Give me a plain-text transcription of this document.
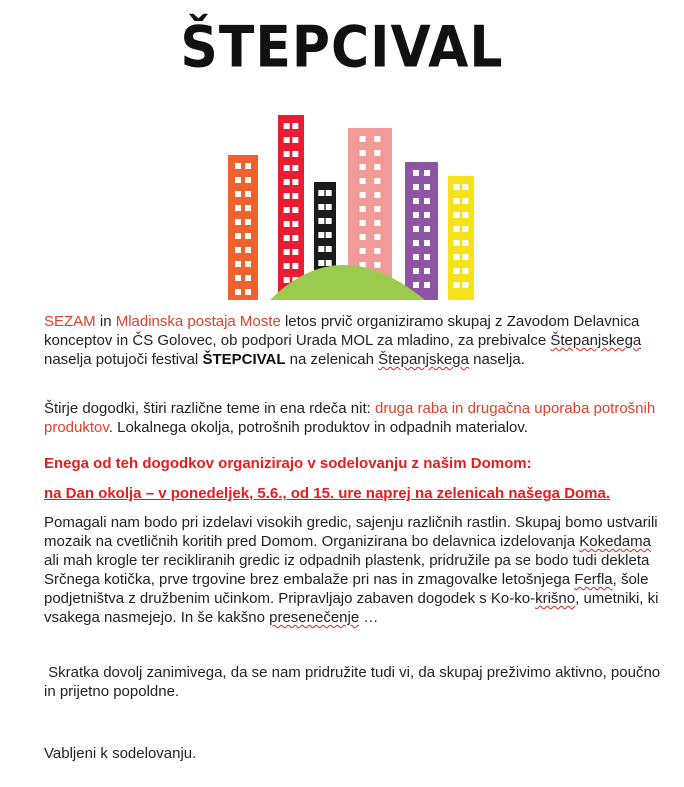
ŠTEPCIVAL

SEZAM in Mladinska postaja Moste letos prvič organiziramo skupaj z Zavodom Delavnica konceptov in ČS Golovec, ob podpori Urada MOL za mladino, za prebivalce Štepanjskega naselja potujoči festival ŠTEPCIVAL na zelenicah Štepanjskega naselja.

Štirje dogodki, štiri različne teme in ena rdeča nit: druga raba in drugačna uporaba potrošnih produktov. Lokalnega okolja, potrošnih produktov in odpadnih materialov.

Enega od teh dogodkov organizirajo v sodelovanju z našim Domom:

na Dan okolja – v ponedeljek, 5.6., od 15. ure naprej na zelenicah našega Doma.

Pomagali nam bodo pri izdelavi visokih gredic, sajenju različnih rastlin. Skupaj bomo ustvarili mozaik na cvetličnih koritih pred Domom. Organizirana bo delavnica izdelovanja Kokedama ali mah krogle ter recikliranih gredic iz odpadnih plastenk, pridružile pa se bodo tudi dekleta Srčnega kotička, prve trgovine brez embalaže pri nas in zmagovalke letošnjega Ferfla, šole podjetništva z družbenim učinkom. Pripravljajo zabaven dogodek s Ko-ko-krišno, umetniki, ki vsakega nasmejejo. In še kakšno presenečenje …

Skratka dovolj zanimivega, da se nam pridružite tudi vi, da skupaj preživimo aktivno, poučno in prijetno popoldne.

Vabljeni k sodelovanju.
